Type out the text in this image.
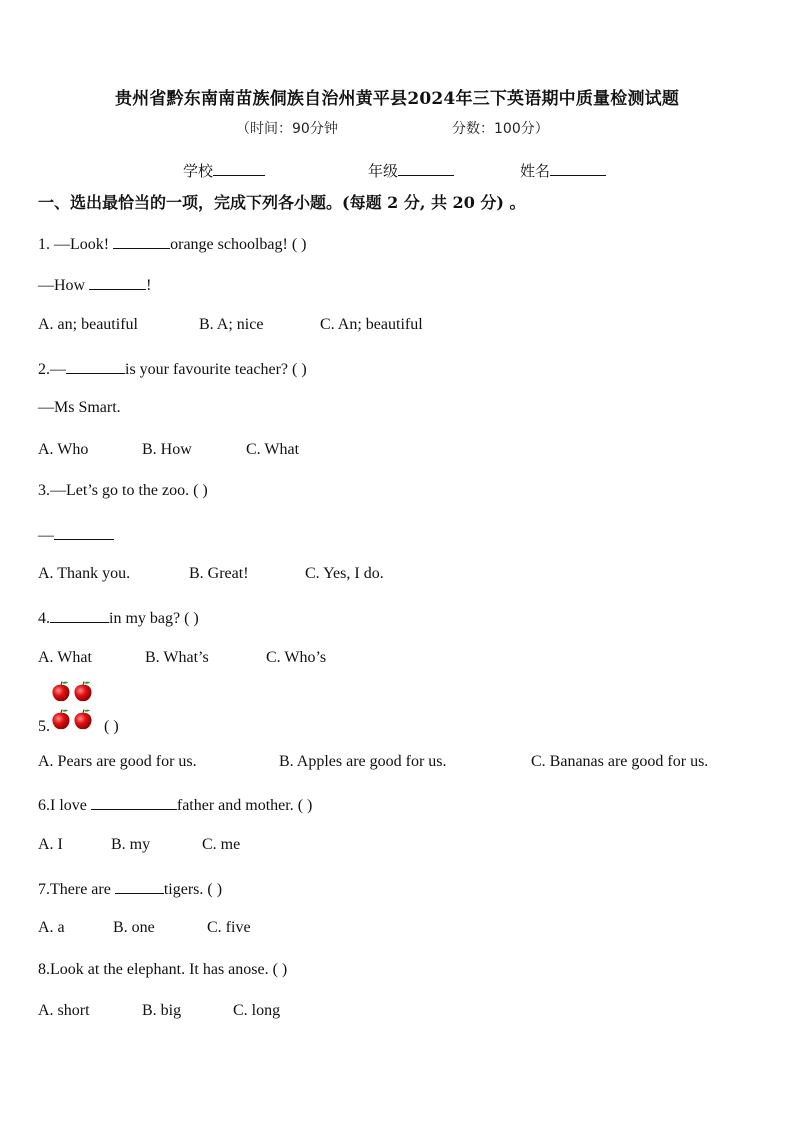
贵州省黔东南南苗族侗族自治州黄平县2024年三下英语期中质量检测试题
（时间：90分钟	分数：100分）
学校	年级	姓名
一、选出最恰当的一项，完成下列各小题。(每题 2 分, 共 20 分) 。
1. —Look!	orange schoolbag! ( )
—How	!
A. an; beautiful	B. A; nice	C. An; beautiful
2.—	is your favourite teacher? ( )
—Ms Smart.
A. Who	B. How	C. What
3.—Let’s go to the zoo. ( )
—
A. Thank you.	B. Great!	C. Yes, I do.
4.	in my bag? ( )
A. What	B. What’s	C. Who’s
5.	( )
A. Pears are good for us.	B. Apples are good for us.	C. Bananas are good for us.
6.I love	father and mother. ( )
A. I	B. my	C. me
7.There are	tigers. ( )
A. a	B. one	C. five
8.Look at the elephant. It has anose. ( )
A. short	B. big	C. long
